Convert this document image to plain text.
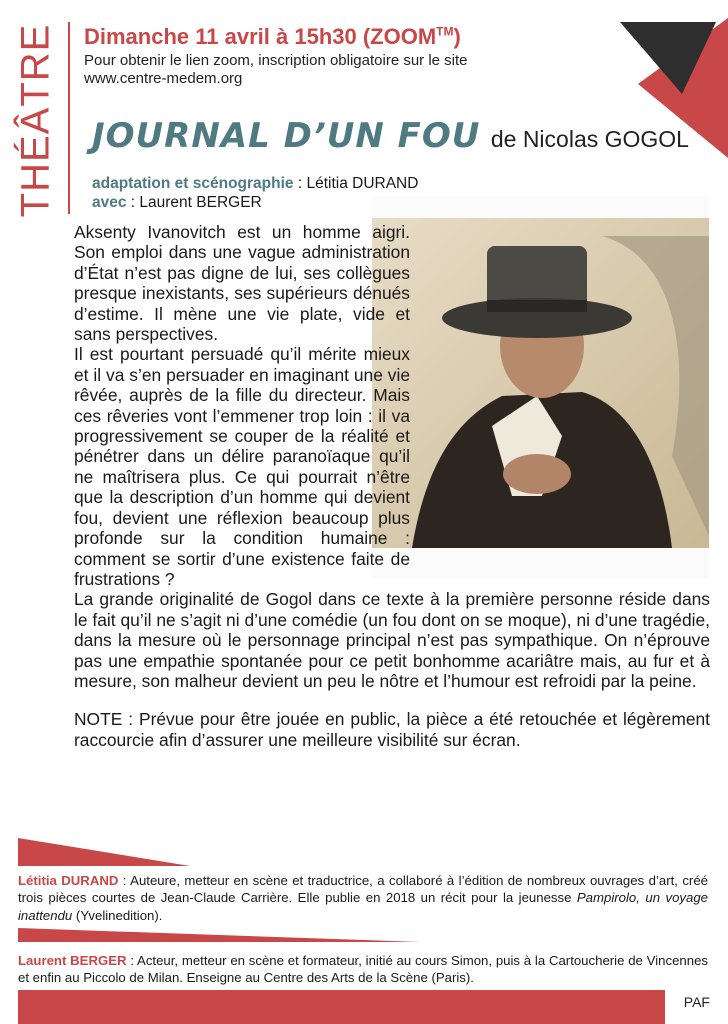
THÉÂTRE Dimanche 11 avril à 15h30 (ZOOM™)
Pour obtenir le lien zoom, inscription obligatoire sur le site
www.centre-medem.org
JOURNAL D’UN FOU de Nicolas GOGOL
adaptation et scénographie : Létitia DURAND
avec : Laurent BERGER

Aksenty Ivanovitch est un homme aigri. Son emploi dans une vague administration d’État n’est pas digne de lui, ses collègues presque inexistants, ses supérieurs dénués d’estime. Il mène une vie plate, vide et sans perspectives.

Il est pourtant persuadé qu’il mérite mieux et il va s’en persuader en imaginant une vie rêvée, auprès de la fille du directeur. Mais ces rêveries vont l’emmener trop loin : il va progressivement se couper de la réalité et pénétrer dans un délire paranoïaque qu’il ne maîtrisera plus. Ce qui pourrait n’être que la description d’un homme qui devient fou, devient une réflexion beaucoup plus profonde sur la condition humaine : comment se sortir d’une existence faite de frustrations ?

La grande originalité de Gogol dans ce texte à la première personne réside dans le fait qu’il ne s’agit ni d’une comédie (un fou dont on se moque), ni d’une tragédie, dans la mesure où le personnage principal n’est pas sympathique. On n’éprouve pas une empathie spontanée pour ce petit bonhomme acariâtre mais, au fur et à mesure, son malheur devient un peu le nôtre et l’humour est refroidi par la peine.

NOTE : Prévue pour être jouée en public, la pièce a été retouchée et légèrement raccourcie afin d’assurer une meilleure visibilité sur écran.

Létitia DURAND : Auteure, metteur en scène et traductrice, a collaboré à l’édition de nombreux ouvrages d’art, créé trois pièces courtes de Jean-Claude Carrière. Elle publie en 2018 un récit pour la jeunesse Pampirolo, un voyage inattendu (Yvelinedition).
Laurent BERGER : Acteur, metteur en scène et formateur, initié au cours Simon, puis à la Cartoucherie de Vincennes et enfin au Piccolo de Milan. Enseigne au Centre des Arts de la Scène (Paris).
PAF
